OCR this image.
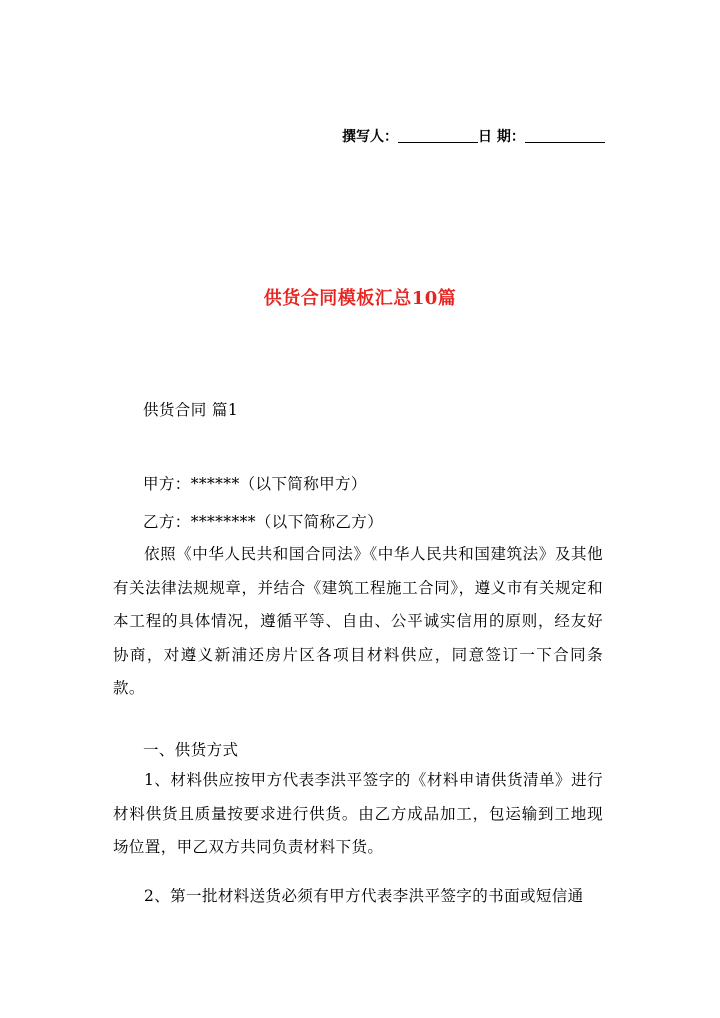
撰写人：	日 期：
供货合同模板汇总10篇
供货合同 篇1
甲方：******（以下简称甲方）
乙方：********（以下简称乙方）

依照《中华人民共和国合同法》《中华人民共和国建筑法》及其他有关法律法规规章，并结合《建筑工程施工合同》，遵义市有关规定和本工程的具体情况，遵循平等、自由、公平诚实信用的原则，经友好协商，对遵义新浦还房片区各项目材料供应，同意签订一下合同条款。

一、供货方式

1、材料供应按甲方代表李洪平签字的《材料申请供货清单》进行材料供货且质量按要求进行供货。由乙方成品加工，包运输到工地现场位置，甲乙双方共同负责材料下货。

2、第一批材料送货必须有甲方代表李洪平签字的书面或短信通
